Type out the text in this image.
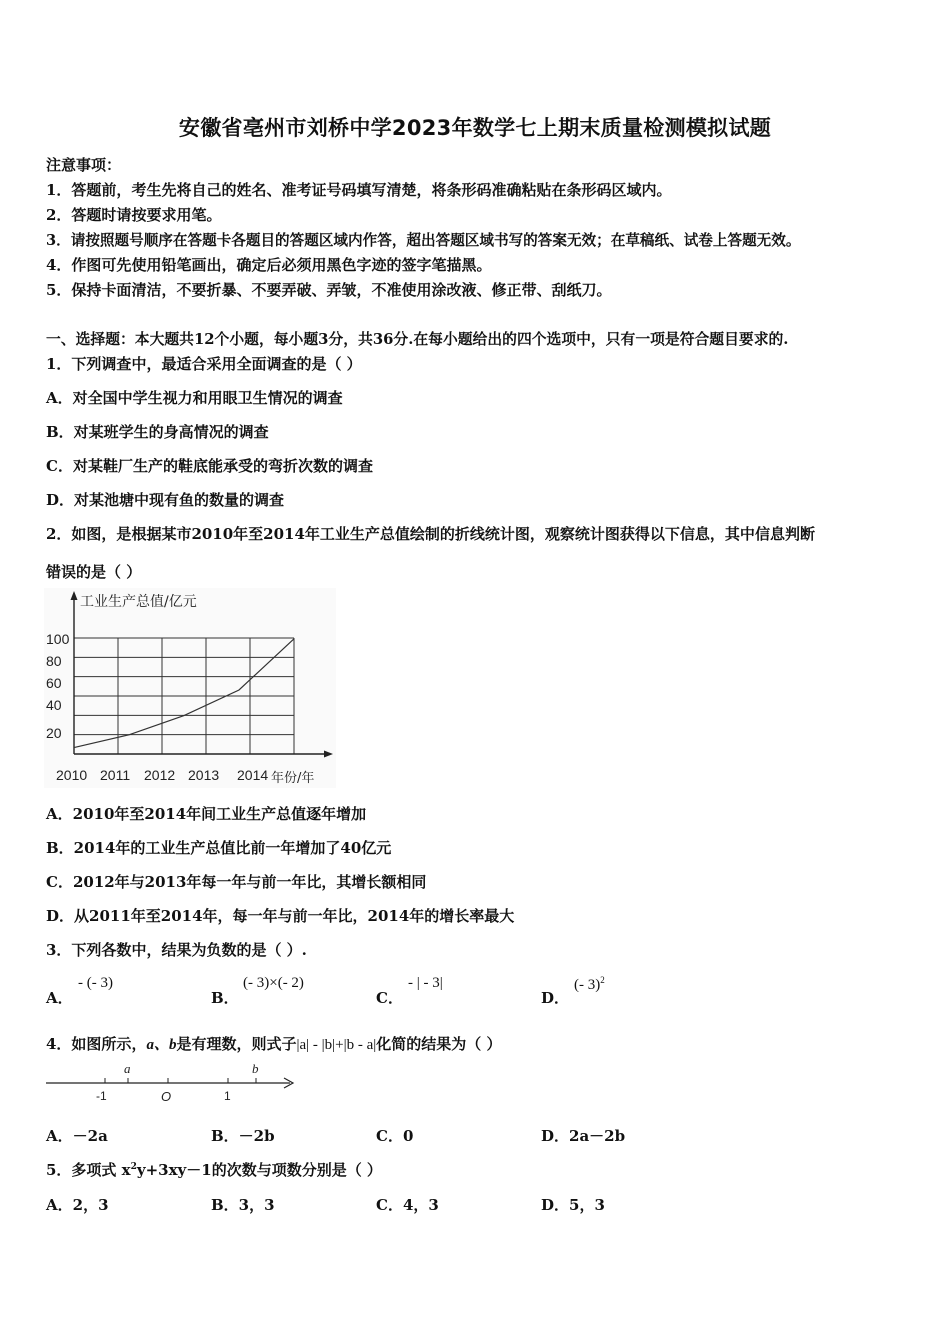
安徽省亳州市刘桥中学2023年数学七上期末质量检测模拟试题
注意事项：
1．答题前，考生先将自己的姓名、准考证号码填写清楚，将条形码准确粘贴在条形码区域内。
2．答题时请按要求用笔。
3．请按照题号顺序在答题卡各题目的答题区域内作答，超出答题区域书写的答案无效；在草稿纸、试卷上答题无效。
4．作图可先使用铅笔画出，确定后必须用黑色字迹的签字笔描黑。
5．保持卡面清洁，不要折暴、不要弄破、弄皱，不准使用涂改液、修正带、刮纸刀。
一、选择题：本大题共12个小题，每小题3分，共36分.在每小题给出的四个选项中，只有一项是符合题目要求的.
1．下列调查中，最适合采用全面调查的是（ ）
A．对全国中学生视力和用眼卫生情况的调查
B．对某班学生的身高情况的调查
C．对某鞋厂生产的鞋底能承受的弯折次数的调查
D．对某池塘中现有鱼的数量的调查
2．如图，是根据某市2010年至2014年工业生产总值绘制的折线统计图，观察统计图获得以下信息，其中信息判断
错误的是（ ）
工业生产总值/亿元
20
40
60
80
100
2010 2011 2012 2013 2014 年份/年
A．2010年至2014年间工业生产总值逐年增加
B．2014年的工业生产总值比前一年增加了40亿元
C．2012年与2013年每一年与前一年比，其增长额相同
D．从2011年至2014年，每一年与前一年比，2014年的增长率最大
3．下列各数中，结果为负数的是（ ）.
A．
- (- 3)
B．
(- 3)×(- 2)
C．
- | - 3|
D．
(- 3)$^2$
4．如图所示，a、b是有理数，则式子|a| - |b|+|b - a|化简的结果为（ ）
a	b
-1	O	1
A．－2a	B．－2b	C．0	D．2a－2b
5．多项式 $x^2y+3xy-1$的次数与项数分别是（ ）
A．2，3	B．3，3	C．4，3	D．5，3
